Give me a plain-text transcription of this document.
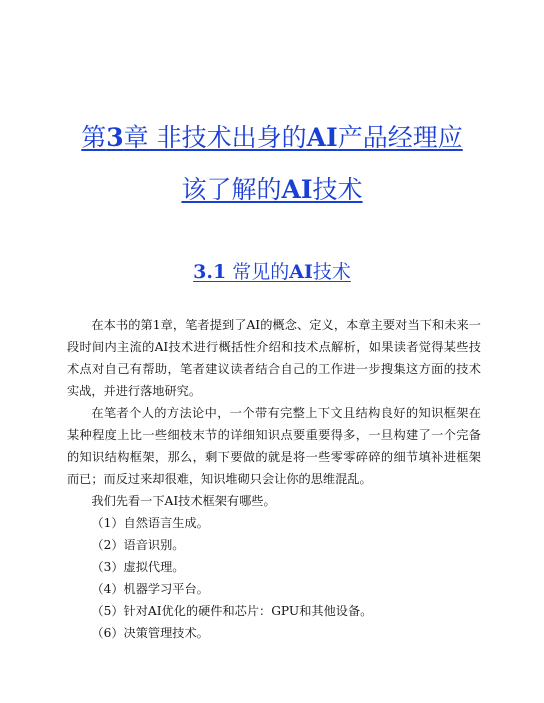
第3章 非技术出身的AI产品经理应
该了解的AI技术
3.1 常见的AI技术

在本书的第1章，笔者提到了AI的概念、定义，本章主要对当下和未来一段时间内主流的AI技术进行概括性介绍和技术点解析，如果读者觉得某些技术点对自己有帮助，笔者建议读者结合自己的工作进一步搜集这方面的技术实战，并进行落地研究。

在笔者个人的方法论中，一个带有完整上下文且结构良好的知识框架在某种程度上比一些细枝末节的详细知识点要重要得多，一旦构建了一个完备的知识结构框架，那么，剩下要做的就是将一些零零碎碎的细节填补进框架而已；而反过来却很难，知识堆砌只会让你的思维混乱。

我们先看一下AI技术框架有哪些。

（1）自然语言生成。
（2）语音识别。
（3）虚拟代理。
（4）机器学习平台。
（5）针对AI优化的硬件和芯片：GPU和其他设备。
（6）决策管理技术。
